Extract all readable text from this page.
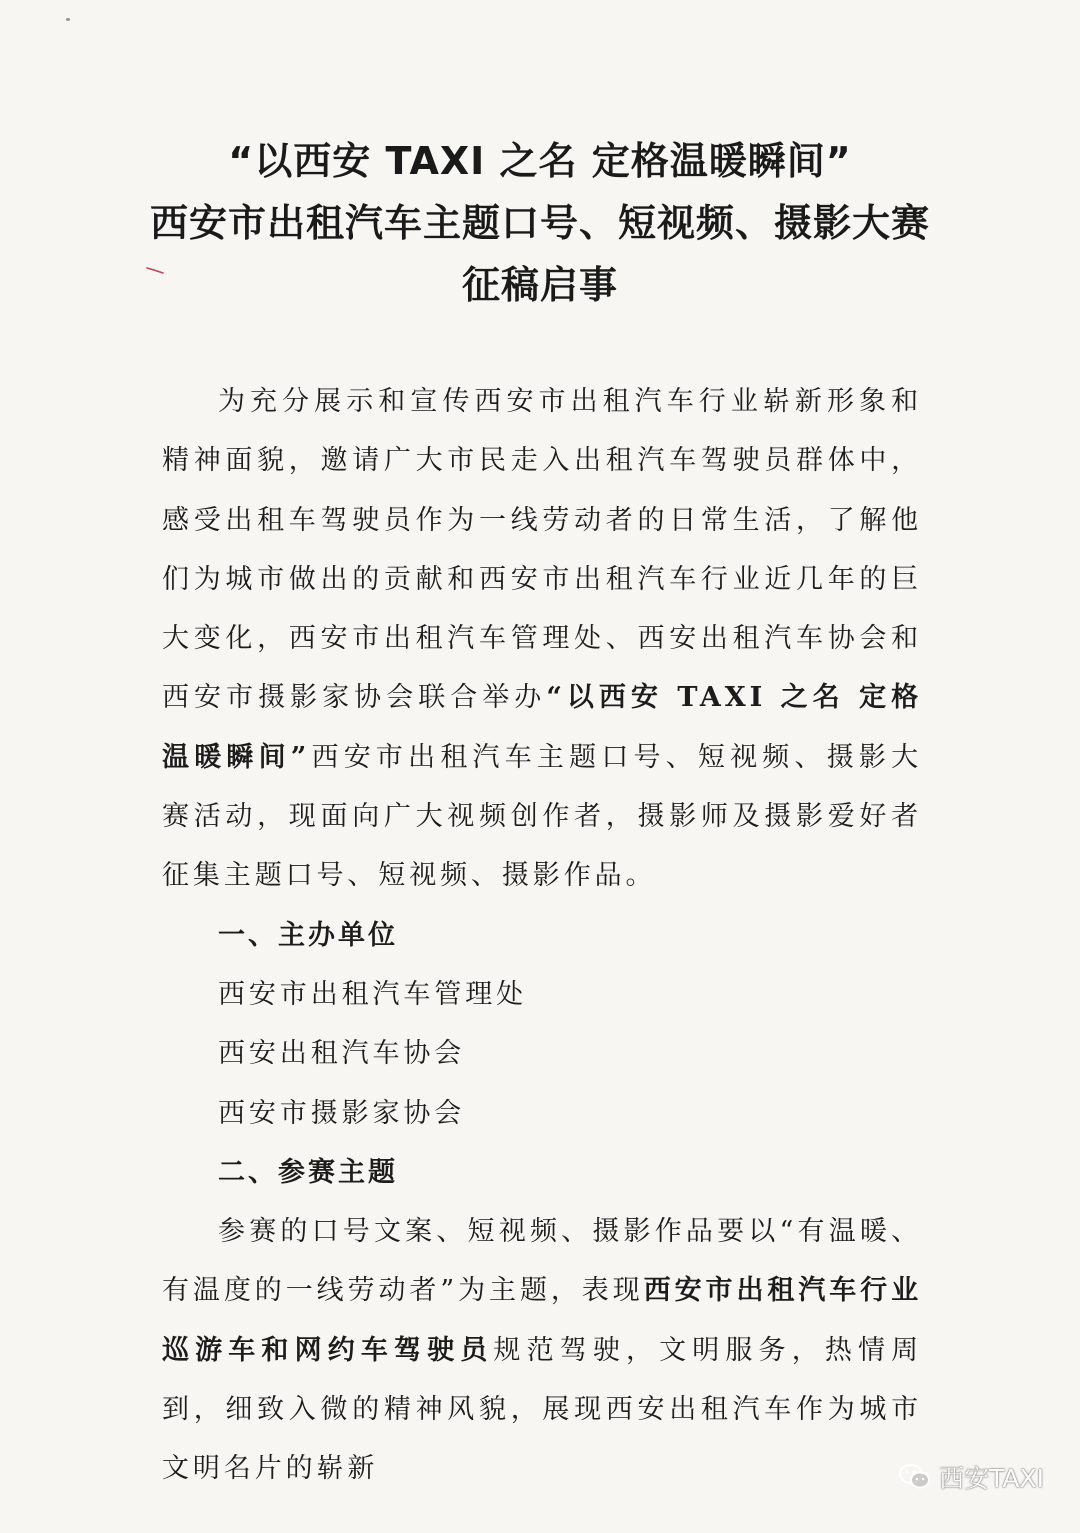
“以西安 TAXI 之名 定格温暖瞬间”
西安市出租汽车主题口号、短视频、摄影大赛
征稿启事

为充分展示和宣传西安市出租汽车行业崭新形象和精神面貌，邀请广大市民走入出租汽车驾驶员群体中，感受出租车驾驶员作为一线劳动者的日常生活，了解他们为城市做出的贡献和西安市出租汽车行业近几年的巨大变化，西安市出租汽车管理处、西安出租汽车协会和西安市摄影家协会联合举办“以西安 TAXI 之名 定格温暖瞬间”西安市出租汽车主题口号、短视频、摄影大赛活动，现面向广大视频创作者，摄影师及摄影爱好者征集主题口号、短视频、摄影作品。

一、主办单位

西安市出租汽车管理处

西安出租汽车协会

西安市摄影家协会

二、参赛主题

参赛的口号文案、短视频、摄影作品要以“有温暖、有温度的一线劳动者”为主题，表现西安市出租汽车行业巡游车和网约车驾驶员规范驾驶，文明服务，热情周到，细致入微的精神风貌，展现西安出租汽车作为城市文明名片的崭新	西安TAXI
